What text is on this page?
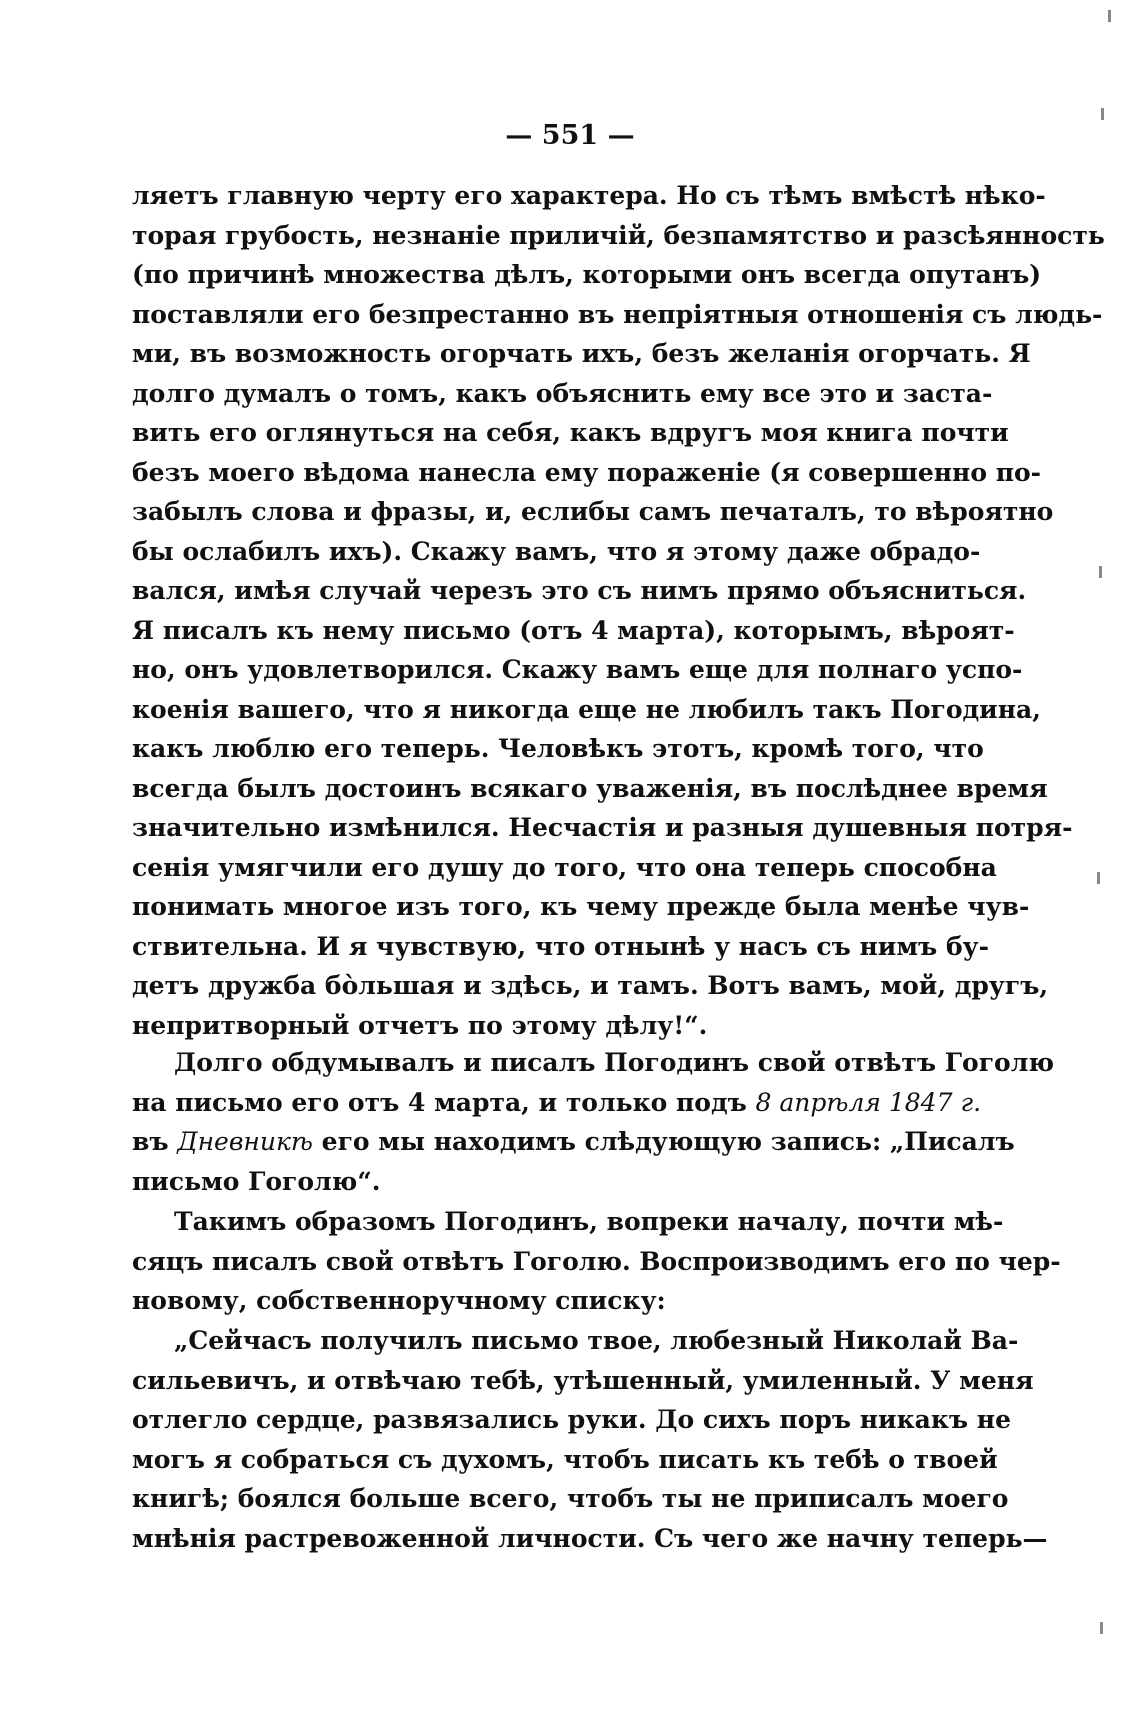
— 551 —
ляетъ главную черту его характера. Но съ тѣмъ вмѣстѣ нѣко-
торая грубость, незнаніе приличій, безпамятство и разсѣянность
(по причинѣ множества дѣлъ, которыми онъ всегда опутанъ)
поставляли его безпрестанно въ непріятныя отношенія съ людь-
ми, въ возможность огорчать ихъ, безъ желанія огорчать. Я
долго думалъ о томъ, какъ объяснить ему все это и заста-
вить его оглянуться на себя, какъ вдругъ моя книга почти
безъ моего вѣдома нанесла ему пораженіе (я совершенно по-
забылъ слова и фразы, и, еслибы самъ печаталъ, то вѣроятно
бы ослабилъ ихъ). Скажу вамъ, что я этому даже обрадо-
вался, имѣя случай черезъ это съ нимъ прямо объясниться.
Я писалъ къ нему письмо (отъ 4 марта), которымъ, вѣроят-
но, онъ удовлетворился. Скажу вамъ еще для полнаго успо-
коенія вашего, что я никогда еще не любилъ такъ Погодина,
какъ люблю его теперь. Человѣкъ этотъ, кромѣ того, что
всегда былъ достоинъ всякаго уваженія, въ послѣднее время
значительно измѣнился. Несчастія и разныя душевныя потря-
сенія умягчили его душу до того, что она теперь способна
понимать многое изъ того, къ чему прежде была менѣе чув-
ствительна. И я чувствую, что отнынѣ у насъ съ нимъ бу-
детъ дружба бо̀льшая и здѣсь, и тамъ. Вотъ вамъ, мой, другъ,
непритворный отчетъ по этому дѣлу!“.
Долго обдумывалъ и писалъ Погодинъ свой отвѣтъ Гоголю
на письмо его отъ 4 марта, и только подъ 8 апрѣля 1847 г.
въ Дневникѣ его мы находимъ слѣдующую запись: „Писалъ
письмо Гоголю“.
Такимъ образомъ Погодинъ, вопреки началу, почти мѣ-
сяцъ писалъ свой отвѣтъ Гоголю. Воспроизводимъ его по чер-
новому, собственноручному списку:
„Сейчасъ получилъ письмо твое, любезный Николай Ва-
сильевичъ, и отвѣчаю тебѣ, утѣшенный, умиленный. У меня
отлегло сердце, развязались руки. До сихъ поръ никакъ не
могъ я собраться съ духомъ, чтобъ писать къ тебѣ о твоей
книгѣ; боялся больше всего, чтобъ ты не приписалъ моего
мнѣнія растревоженной личности. Съ чего же начну теперь—
